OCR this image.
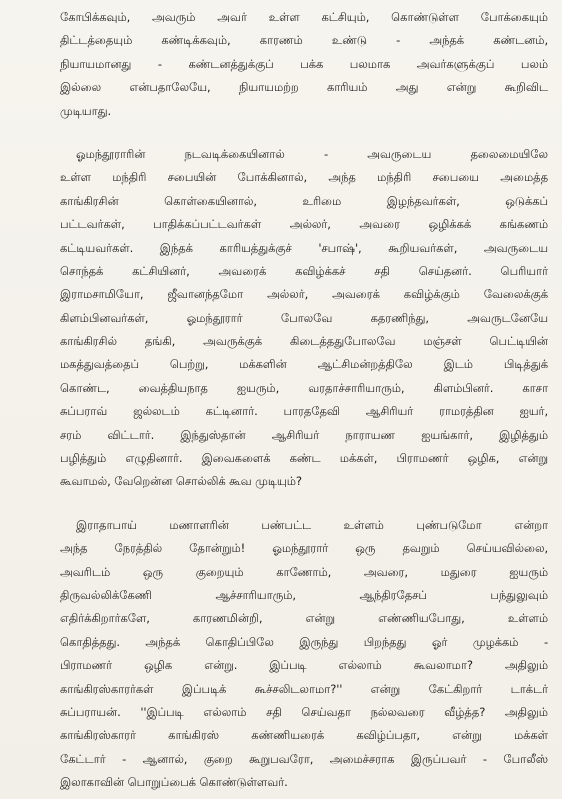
கோபிக்கவும், அவரும் அவர் உள்ள கட்சியும், கொண்டுள்ள போக்கையும்
திட்டத்தையும் கண்டிக்கவும், காரணம் உண்டு - அந்தக் கண்டனம்,
நியாயமானது - கண்டனத்துக்குப் பக்க பலமாக அவர்களுக்குப் பலம்
இல்லை என்பதாலேயே, நியாயமற்ற காரியம் அது என்று கூறிவிட
முடியாது.
ஓமந்தூராரின் நடவடிக்கையினால் - அவருடைய தலைமையிலே
உள்ள மந்திரி சபையின் போக்கினால், அந்த மந்திரி சபையை அமைத்த
காங்கிரசின் கொள்கையினால், உரிமை இழந்தவர்கள், ஒடுக்கப்
பட்டவர்கள், பாதிக்கப்பட்டவர்கள் அல்லர், அவரை ஒழிக்கக் கங்கணம்
கட்டியவர்கள். இந்தக் காரியத்துக்குச் 'சபாஷ்', கூறியவர்கள், அவருடைய
சொந்தக் கட்சியினர், அவரைக் கவிழ்க்கச் சதி செய்தனர். பெரியார்
இராமசாமியோ, ஜீவானந்தமோ அல்லர், அவரைக் கவிழ்க்கும் வேலைக்குக்
கிளம்பினவர்கள், ஓமந்தூரார் போலவே கதரணிந்து, அவருடனேயே
காங்கிரசில் தங்கி, அவருக்குக் கிடைத்ததுபோலவே மஞ்சள் பெட்டியின்
மகத்துவத்தைப் பெற்று, மக்களின் ஆட்சிமன்றத்திலே இடம் பிடித்துக்
கொண்ட, வைத்தியநாத ஐயரும், வரதாச்சாரியாரும், கிளம்பினர். காசா
சுப்பராவ் ஜல்லடம் கட்டினார். பாரததேவி ஆசிரியர் ராமரத்தின ஐயர்,
சரம் விட்டார். இந்துஸ்தான் ஆசிரியர் நாராயண ஐயங்கார், இழித்தும்
பழித்தும் எழுதினார். இவைகளைக் கண்ட மக்கள், பிராமணர் ஒழிக, என்று
கூவாமல், வேறென்ன சொல்லிக் கூவ முடியும்?
இராதாபாய் மணாளரின் பண்பட்ட உள்ளம் புண்படுமோ என்றா
அந்த நேரத்தில் தோன்றும்! ஓமந்தூரார் ஒரு தவறும் செய்யவில்லை,
அவரிடம் ஒரு குறையும் காணோம், அவரை, மதுரை ஐயரும்
திருவல்லிக்கேணி ஆச்சாரியாரும், ஆந்திரதேசப் பந்துலுவும்
எதிர்க்கிறார்களே, காரணமின்றி, என்று எண்ணியபோது, உள்ளம்
கொதித்தது. அந்தக் கொதிப்பிலே இருந்து பிறந்தது ஓர் முழக்கம் -
பிராமணர் ஒழிக என்று. இப்படி எல்லாம் கூவலாமா? அதிலும்
காங்கிரஸ்காரர்கள் இப்படிக் கூச்சலிடலாமா?'' என்று கேட்கிறார் டாக்டர்
சுப்பராயன். ''இப்படி எல்லாம் சதி செய்வதா நல்லவரை வீழ்த்த? அதிலும்
காங்கிரஸ்காரர் காங்கிரஸ் கண்ணியரைக் கவிழ்ப்பதா, என்று மக்கள்
கேட்டார் - ஆனால், குறை கூறுபவரோ, அமைச்சராக இருப்பவர் - போலீஸ்
இலாகாவின் பொறுப்பைக் கொண்டுள்ளவர்.
